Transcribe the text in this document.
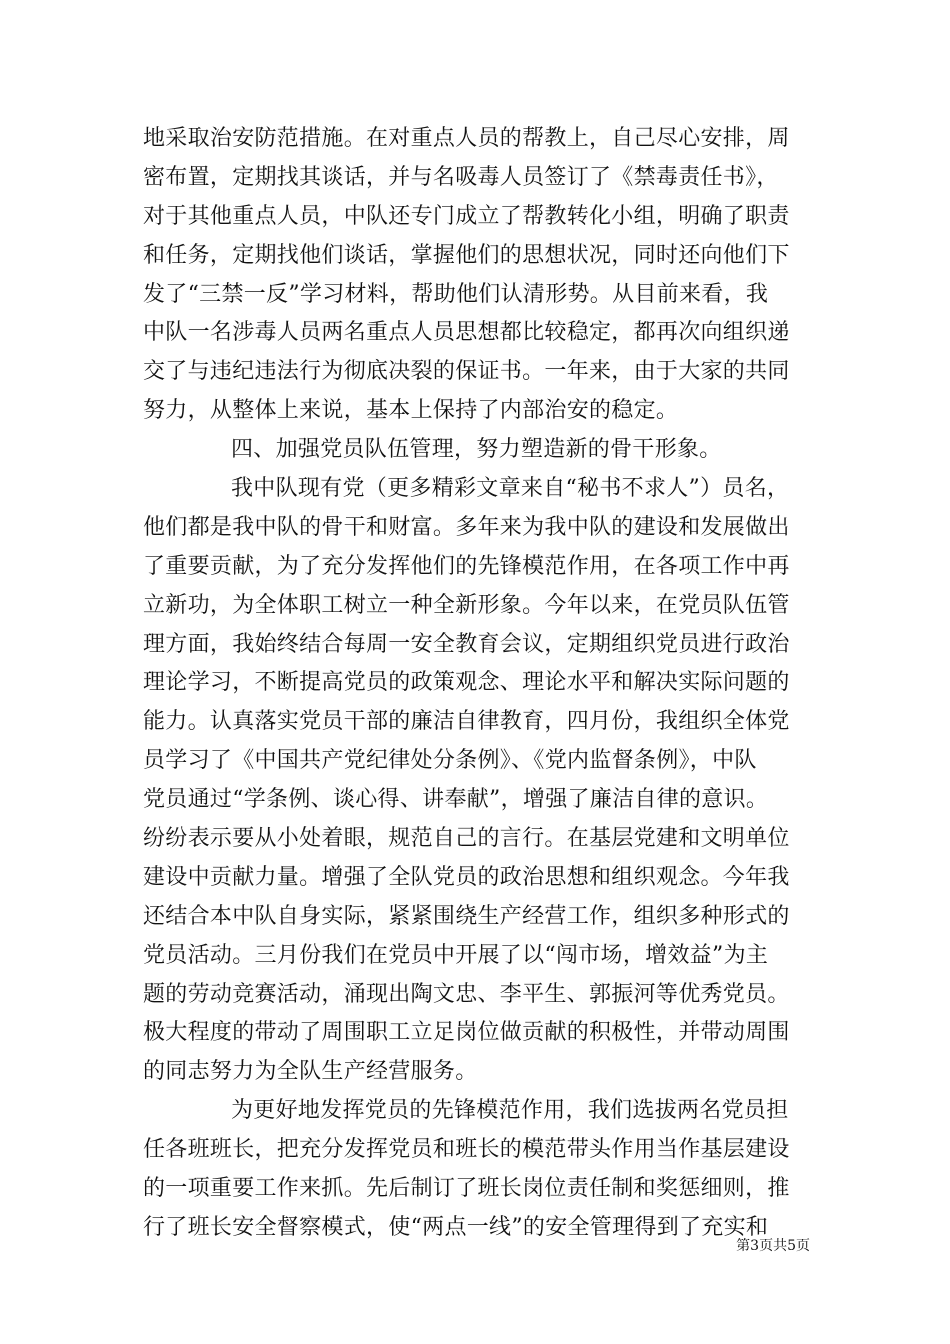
地采取治安防范措施。在对重点人员的帮教上，自己尽心安排，周
密布置，定期找其谈话，并与名吸毒人员签订了《禁毒责任书》，
对于其他重点人员，中队还专门成立了帮教转化小组，明确了职责
和任务，定期找他们谈话，掌握他们的思想状况，同时还向他们下
发了“三禁一反”学习材料，帮助他们认清形势。从目前来看，我
中队一名涉毒人员两名重点人员思想都比较稳定，都再次向组织递
交了与违纪违法行为彻底决裂的保证书。一年来，由于大家的共同
努力，从整体上来说，基本上保持了内部治安的稳定。
四、加强党员队伍管理，努力塑造新的骨干形象。
我中队现有党（更多精彩文章来自“秘书不求人”）员名，
他们都是我中队的骨干和财富。多年来为我中队的建设和发展做出
了重要贡献，为了充分发挥他们的先锋模范作用，在各项工作中再
立新功，为全体职工树立一种全新形象。今年以来，在党员队伍管
理方面，我始终结合每周一安全教育会议，定期组织党员进行政治
理论学习，不断提高党员的政策观念、理论水平和解决实际问题的
能力。认真落实党员干部的廉洁自律教育，四月份，我组织全体党
员学习了《中国共产党纪律处分条例》、《党内监督条例》，中队
党员通过“学条例、谈心得、讲奉献”，增强了廉洁自律的意识。
纷纷表示要从小处着眼，规范自己的言行。在基层党建和文明单位
建设中贡献力量。增强了全队党员的政治思想和组织观念。今年我
还结合本中队自身实际，紧紧围绕生产经营工作，组织多种形式的
党员活动。三月份我们在党员中开展了以“闯市场，增效益”为主
题的劳动竞赛活动，涌现出陶文忠、李平生、郭振河等优秀党员。
极大程度的带动了周围职工立足岗位做贡献的积极性，并带动周围
的同志努力为全队生产经营服务。
为更好地发挥党员的先锋模范作用，我们选拔两名党员担
任各班班长，把充分发挥党员和班长的模范带头作用当作基层建设
的一项重要工作来抓。先后制订了班长岗位责任制和奖惩细则，推
行了班长安全督察模式，使“两点一线”的安全管理得到了充实和
第3页共5页
